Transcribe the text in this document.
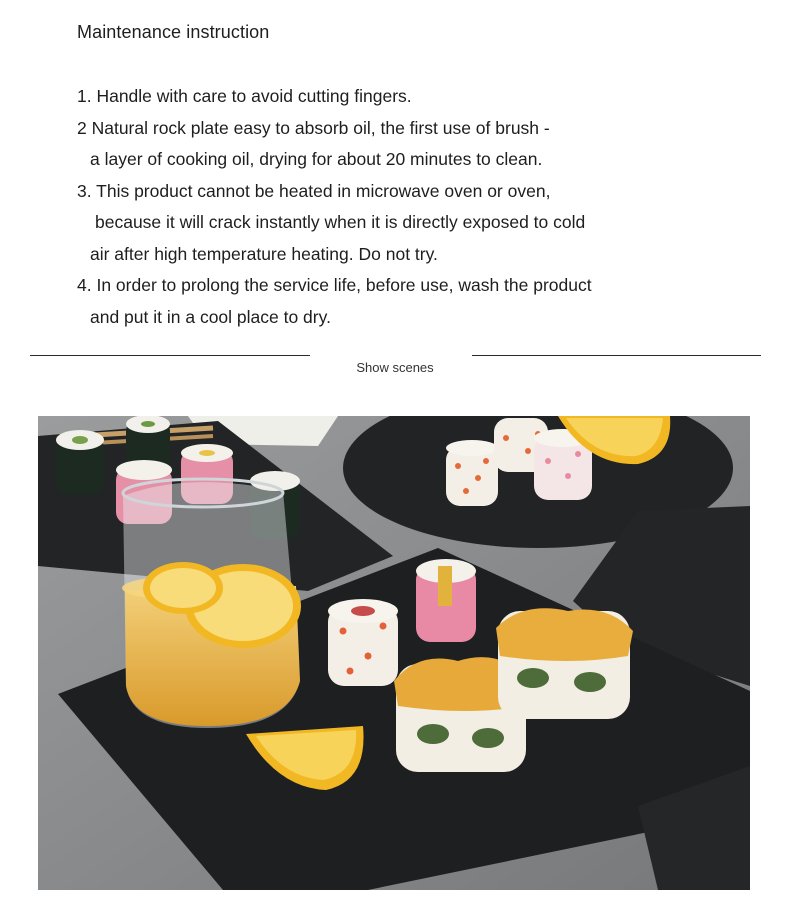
Maintenance instruction
1. Handle with care to avoid cutting fingers.
2 Natural rock plate easy to absorb oil, the first use of brush -
a layer of cooking oil, drying for about 20 minutes to clean.
3. This product cannot be heated in microwave oven or oven,
because it will crack instantly when it is directly exposed to cold
air after high temperature heating. Do not try.
4. In order to prolong the service life, before use, wash the product
and put it in a cool place to dry.
Show scenes
